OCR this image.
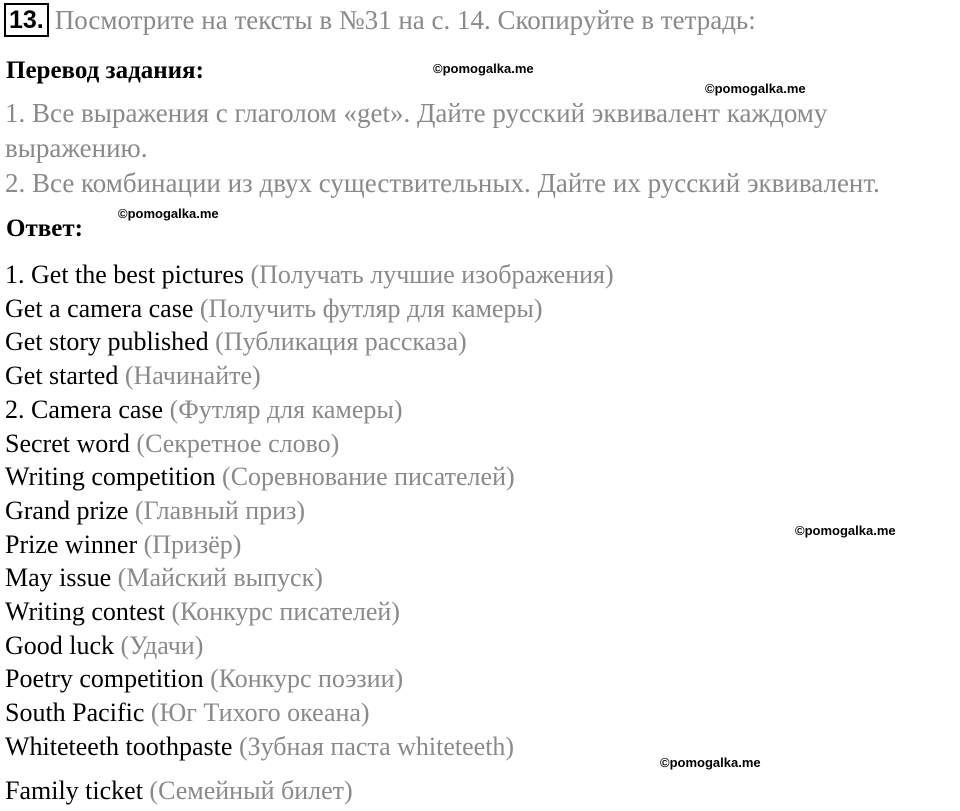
13. Посмотрите на тексты в №31 на с. 14. Скопируйте в тетрадь:
Перевод задания:

1. Все выражения с глаголом «get». Дайте русский эквивалент каждому выражению.

2. Все комбинации из двух существительных. Дайте их русский эквивалент.

Ответ:
1. Get the best pictures (Получать лучшие изображения)
Get a camera case (Получить футляр для камеры)
Get story published (Публикация рассказа)
Get started (Начинайте)
2. Camera case (Футляр для камеры)
Secret word (Секретное слово)
Writing competition (Соревнование писателей)
Grand prize (Главный приз)
Prize winner (Призёр)
May issue (Майский выпуск)
Writing contest (Конкурс писателей)
Good luck (Удачи)
Poetry competition (Конкурс поэзии)
South Pacific (Юг Тихого океана)
Whiteteeth toothpaste (Зубная паста whiteteeth)
Family ticket (Семейный билет)
©pomogalka.me
©pomogalka.me
©pomogalka.me
©pomogalka.me
©pomogalka.me
